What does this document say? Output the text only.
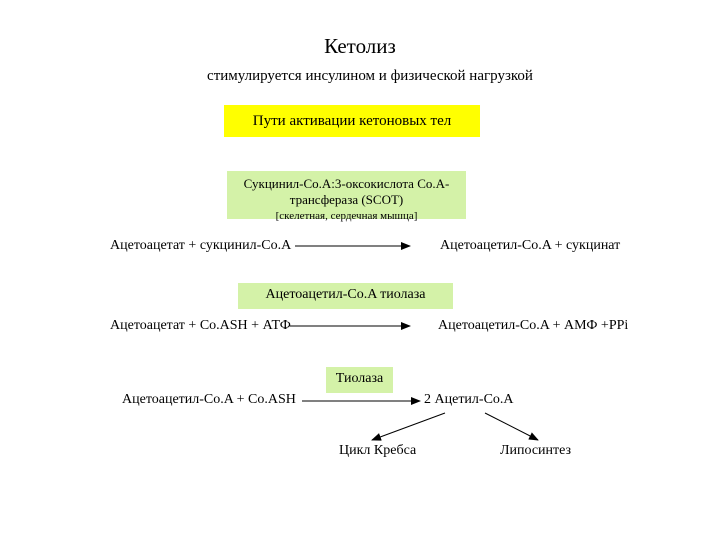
Кетолиз
стимулируется инсулином и физической нагрузкой
Пути активации кетоновых тел
Сукцинил-Co.A:3-оксокислота Co.A-
трансфераза (SCOT)
[скелетная, сердечная мышца]
Ацетоацетат + сукцинил-Co.A	Ацетоацетил-Co.A + сукцинат
Ацетоацетил-Co.A тиолаза
Ацетоацетат + Co.ASH + АТФ	Ацетоацетил-Co.A + АМФ +PPi
Тиолаза
Ацетоацетил-Co.A + Co.ASH	2 Ацетил-Co.A
Цикл Кребса	Липосинтез
